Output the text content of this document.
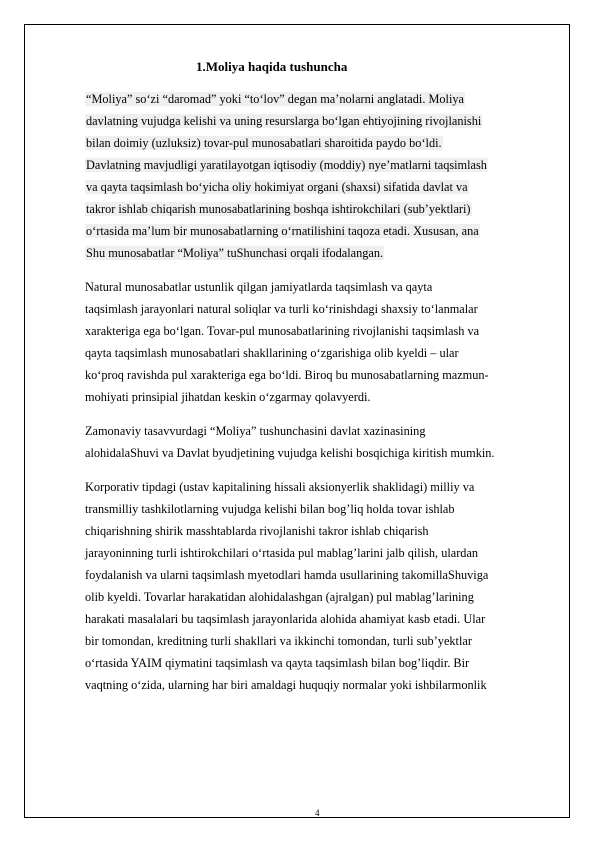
1.Moliya haqida tushuncha
“Moliya” so‘zi “daromad” yoki “to‘lov” degan ma’nolarni anglatadi. Moliya
davlatning vujudga kelishi va uning resurslarga bo‘lgan ehtiyojining rivojlanishi
bilan doimiy (uzluksiz) tovar-pul munosabatlari sharoitida paydo bo‘ldi.
Davlatning mavjudligi yaratilayotgan iqtisodiy (moddiy) nye’matlarni taqsimlash
va qayta taqsimlash bo‘yicha oliy hokimiyat organi (shaxsi) sifatida davlat va
takror ishlab chiqarish munosabatlarining boshqa ishtirokchilari (sub’yektlari)
o‘rtasida ma’lum bir munosabatlarning o‘rnatilishini taqoza etadi. Xususan, ana
Shu munosabatlar “Moliya” tuShunchasi orqali ifodalangan.
Natural munosabatlar ustunlik qilgan jamiyatlarda taqsimlash va qayta
taqsimlash jarayonlari natural soliqlar va turli ko‘rinishdagi shaxsiy to‘lanmalar
xarakteriga ega bo‘lgan. Tovar-pul munosabatlarining rivojlanishi taqsimlash va
qayta taqsimlash munosabatlari shakllarining o‘zgarishiga olib kyeldi – ular
ko‘proq ravishda pul xarakteriga ega bo‘ldi. Biroq bu munosabatlarning mazmun-
mohiyati prinsipial jihatdan keskin o‘zgarmay qolavyerdi.
Zamonaviy tasavvurdagi “Moliya” tushunchasini davlat xazinasining
alohidalaShuvi va Davlat byudjetining vujudga kelishi bosqichiga kiritish mumkin.
Korporativ tipdagi (ustav kapitalining hissali aksionyerlik shaklidagi) milliy va
transmilliy tashkilotlarning vujudga kelishi bilan bog’liq holda tovar ishlab
chiqarishning shirik masshtablarda rivojlanishi takror ishlab chiqarish
jarayoninning turli ishtirokchilari o‘rtasida pul mablag’larini jalb qilish, ulardan
foydalanish va ularni taqsimlash myetodlari hamda usullarining takomillaShuviga
olib kyeldi. Tovarlar harakatidan alohidalashgan (ajralgan) pul mablag’larining
harakati masalalari bu taqsimlash jarayonlarida alohida ahamiyat kasb etadi. Ular
bir tomondan, kreditning turli shakllari va ikkinchi tomondan, turli sub’yektlar
o‘rtasida YAIM qiymatini taqsimlash va qayta taqsimlash bilan bog’liqdir. Bir
vaqtning o‘zida, ularning har biri amaldagi huquqiy normalar yoki ishbilarmonlik
4
